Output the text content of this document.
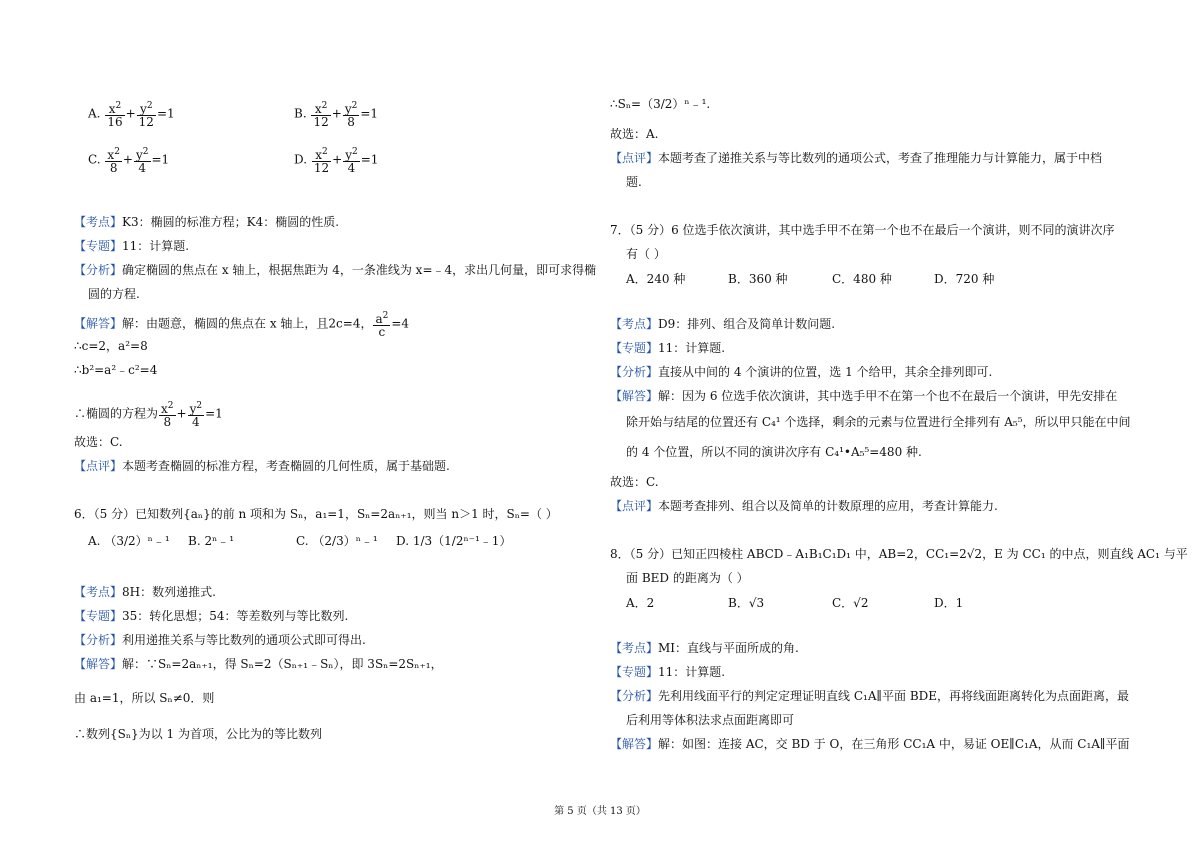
A. $\frac{x^2}{16} + \frac{y^2}{12} =1$	B. $\frac{x^2}{12} + \frac{y^2}{8} =1$
C. $\frac{x^2}{8} + \frac{y^2}{4} =1$	D. $\frac{x^2}{12} + \frac{y^2}{4} =1$
【考点】K3：椭圆的标准方程；K4：椭圆的性质.
【专题】11：计算题.
【分析】确定椭圆的焦点在 x 轴上，根据焦距为 4，一条准线为 x=﹣4，求出几何量，即可求得椭
圆的方程.
【解答】解：由题意，椭圆的焦点在 x 轴上，且2c=4， $\frac{a^2}{c} =4$
∴c=2，a²=8
∴b²=a²﹣c²=4
∴椭圆的方程为 $\frac{x^2}{8} + \frac{y^2}{4} =1$
故选：C.
【点评】本题考查椭圆的标准方程，考查椭圆的几何性质，属于基础题.
6．（5 分）已知数列{aₙ}的前 n 项和为 Sₙ，a₁=1，Sₙ=2aₙ₊₁，则当 n＞1 时，Sₙ=（ ）
A. （3/2）ⁿ﹣¹ B. 2ⁿ﹣¹	C. （2/3）ⁿ﹣¹ D. 1/3（1/2ⁿ⁻¹﹣1）
【考点】8H：数列递推式.
【专题】35：转化思想；54：等差数列与等比数列.
【分析】利用递推关系与等比数列的通项公式即可得出.
【解答】解：∵Sₙ=2aₙ₊₁，得 Sₙ=2（Sₙ₊₁﹣Sₙ），即 3Sₙ=2Sₙ₊₁，
由 a₁=1，所以 Sₙ≠0．则
∴数列{Sₙ}为以 1 为首项，公比为的等比数列
∴Sₙ=（3/2）ⁿ﹣¹.
故选：A.
【点评】本题考查了递推关系与等比数列的通项公式，考查了推理能力与计算能力，属于中档
题.
7．（5 分）6 位选手依次演讲，其中选手甲不在第一个也不在最后一个演讲，则不同的演讲次序
有（ ）
A．240 种	B．360 种	C．480 种	D．720 种
【考点】D9：排列、组合及简单计数问题.
【专题】11：计算题.
【分析】直接从中间的 4 个演讲的位置，选 1 个给甲，其余全排列即可.
【解答】解：因为 6 位选手依次演讲，其中选手甲不在第一个也不在最后一个演讲，甲先安排在
除开始与结尾的位置还有 C₄¹ 个选择，剩余的元素与位置进行全排列有 A₅⁵，所以甲只能在中间
的 4 个位置，所以不同的演讲次序有 C₄¹•A₅⁵=480 种.
故选：C.
【点评】本题考查排列、组合以及简单的计数原理的应用，考查计算能力.
8．（5 分）已知正四棱柱 ABCD﹣A₁B₁C₁D₁ 中，AB=2，CC₁=2√2，E 为 CC₁ 的中点，则直线 AC₁ 与平
面 BED 的距离为（ ）
A．2	B．√3	C．√2	D．1
【考点】MI：直线与平面所成的角.
【专题】11：计算题.
【分析】先利用线面平行的判定定理证明直线 C₁A∥平面 BDE，再将线面距离转化为点面距离，最
后利用等体积法求点面距离即可
【解答】解：如图：连接 AC，交 BD 于 O，在三角形 CC₁A 中，易证 OE∥C₁A，从而 C₁A∥平面
第 5 页（共 13 页）
